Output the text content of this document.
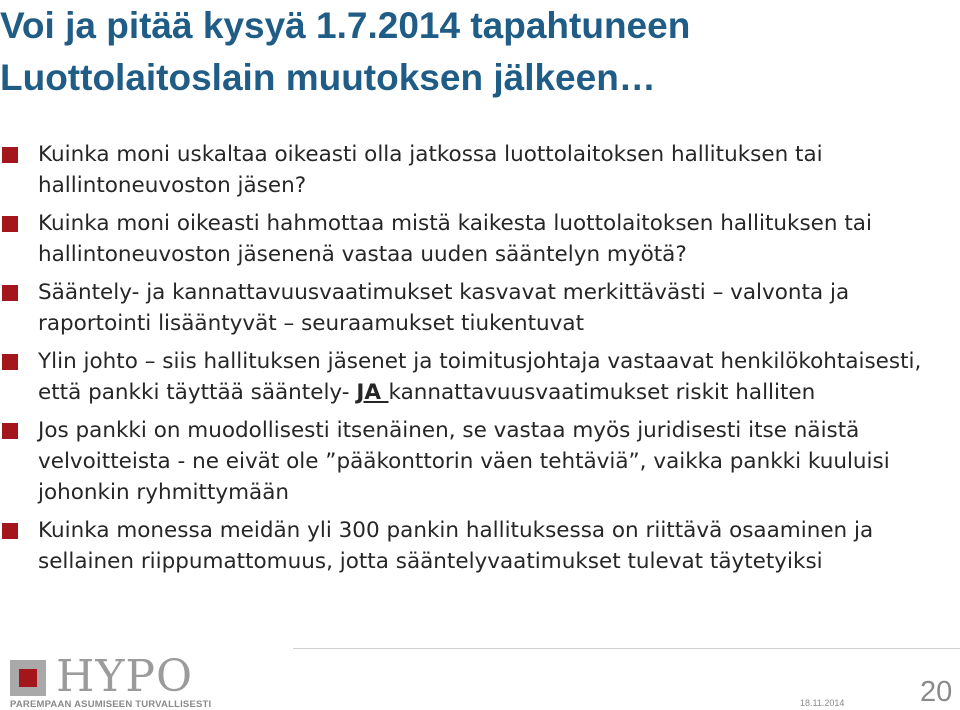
Voi ja pitää kysyä 1.7.2014 tapahtuneen
Luottolaitoslain muutoksen jälkeen…
Kuinka moni uskaltaa oikeasti olla jatkossa luottolaitoksen hallituksen tai hallintoneuvoston jäsen?
Kuinka moni oikeasti hahmottaa mistä kaikesta luottolaitoksen hallituksen tai hallintoneuvoston jäsenenä vastaa uuden sääntelyn myötä?
Sääntely- ja kannattavuusvaatimukset kasvavat merkittävästi – valvonta ja raportointi lisääntyvät – seuraamukset tiukentuvat
Ylin johto – siis hallituksen jäsenet ja toimitusjohtaja vastaavat henkilökohtaisesti, että pankki täyttää sääntely- JA kannattavuusvaatimukset riskit halliten
Jos pankki on muodollisesti itsenäinen, se vastaa myös juridisesti itse näistä velvoitteista - ne eivät ole ”pääkonttorin väen tehtäviä”, vaikka pankki kuuluisi johonkin ryhmittymään
Kuinka monessa meidän yli 300 pankin hallituksessa on riittävä osaaminen ja sellainen riippumattomuus, jotta sääntelyvaatimukset tulevat täytetyiksi
HYPO
PAREMPAAN ASUMISEEN TURVALLISESTI	18.11.2014	20
